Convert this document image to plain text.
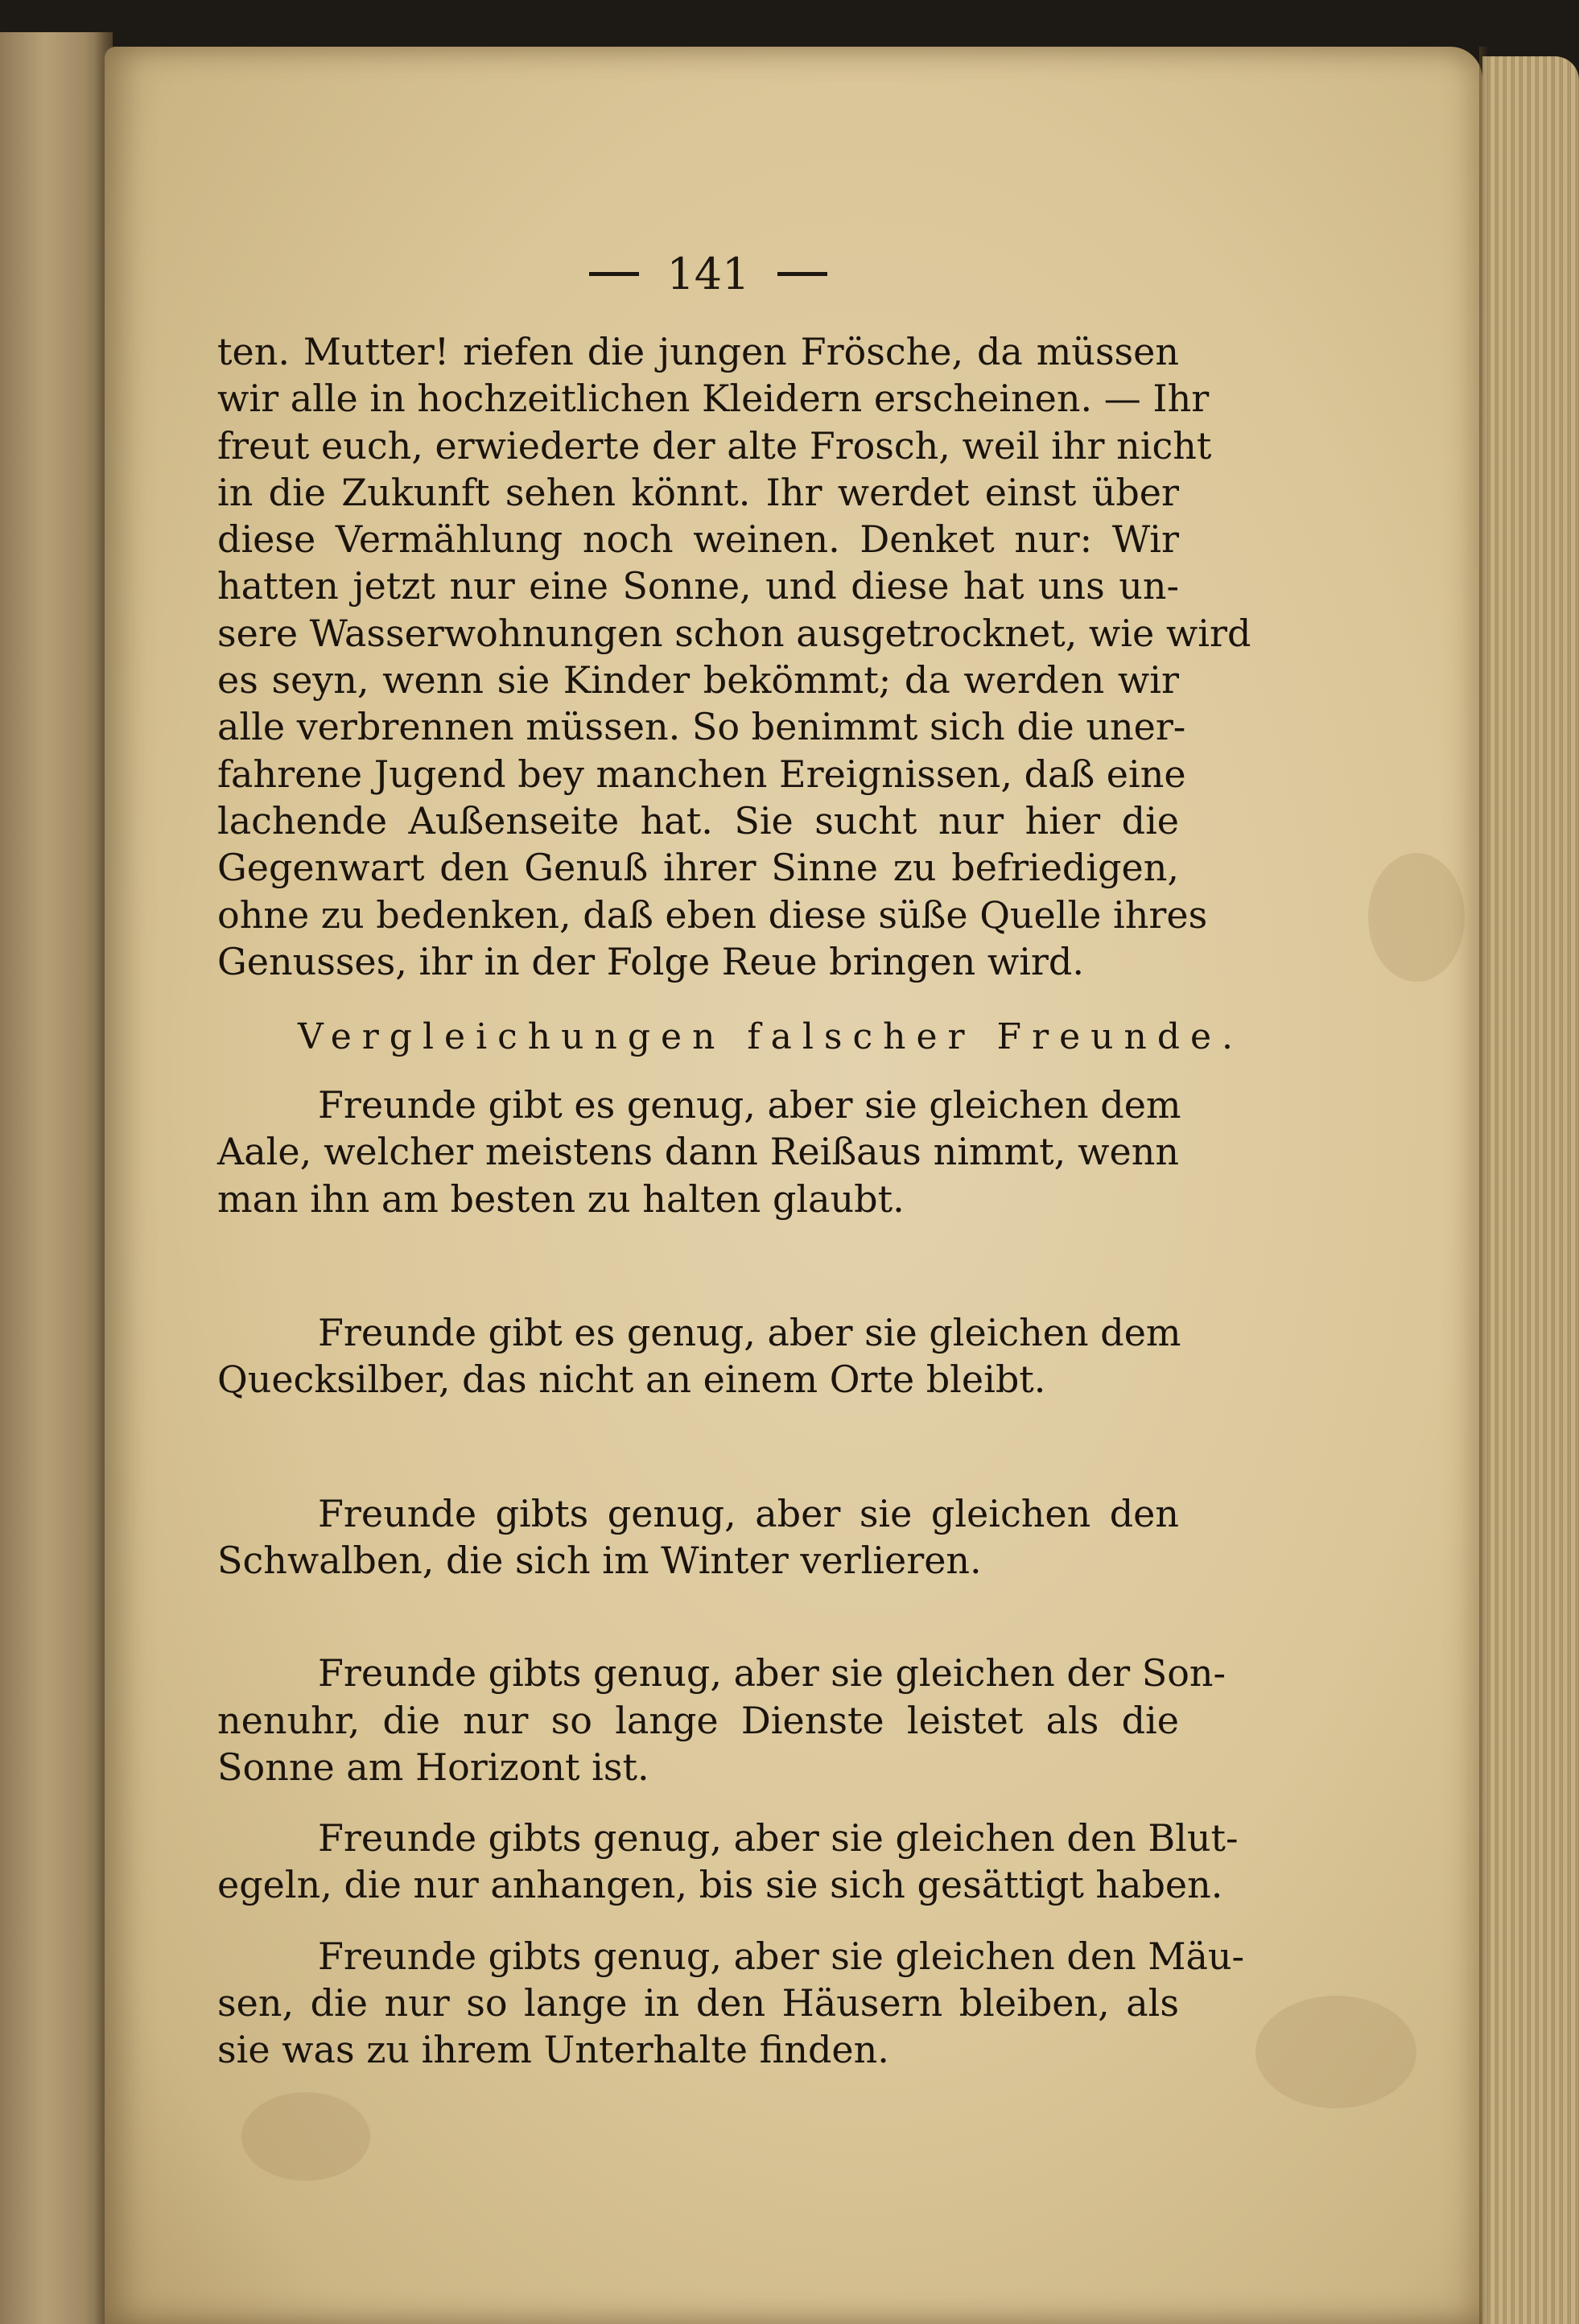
141
ten. Mutter! riefen die jungen Frösche, da müssen
wir alle in hochzeitlichen Kleidern erscheinen. — Ihr
freut euch, erwiederte der alte Frosch, weil ihr nicht
in die Zukunft sehen könnt. Ihr werdet einst über
diese Vermählung noch weinen. Denket nur: Wir
hatten jetzt nur eine Sonne, und diese hat uns un-
sere Wasserwohnungen schon ausgetrocknet, wie wird
es seyn, wenn sie Kinder bekömmt; da werden wir
alle verbrennen müssen. So benimmt sich die uner-
fahrene Jugend bey manchen Ereignissen, daß eine
lachende Außenseite hat. Sie sucht nur hier die
Gegenwart den Genuß ihrer Sinne zu befriedigen,
ohne zu bedenken, daß eben diese süße Quelle ihres
Genusses, ihr in der Folge Reue bringen wird.
Vergleichungen falscher Freunde.
Freunde gibt es genug, aber sie gleichen dem
Aale, welcher meistens dann Reißaus nimmt, wenn
man ihn am besten zu halten glaubt.
Freunde gibt es genug, aber sie gleichen dem
Quecksilber, das nicht an einem Orte bleibt.
Freunde gibts genug, aber sie gleichen den
Schwalben, die sich im Winter verlieren.
Freunde gibts genug, aber sie gleichen der Son-
nenuhr, die nur so lange Dienste leistet als die
Sonne am Horizont ist.
Freunde gibts genug, aber sie gleichen den Blut-
egeln, die nur anhangen, bis sie sich gesättigt haben.
Freunde gibts genug, aber sie gleichen den Mäu-
sen, die nur so lange in den Häusern bleiben, als
sie was zu ihrem Unterhalte finden.
